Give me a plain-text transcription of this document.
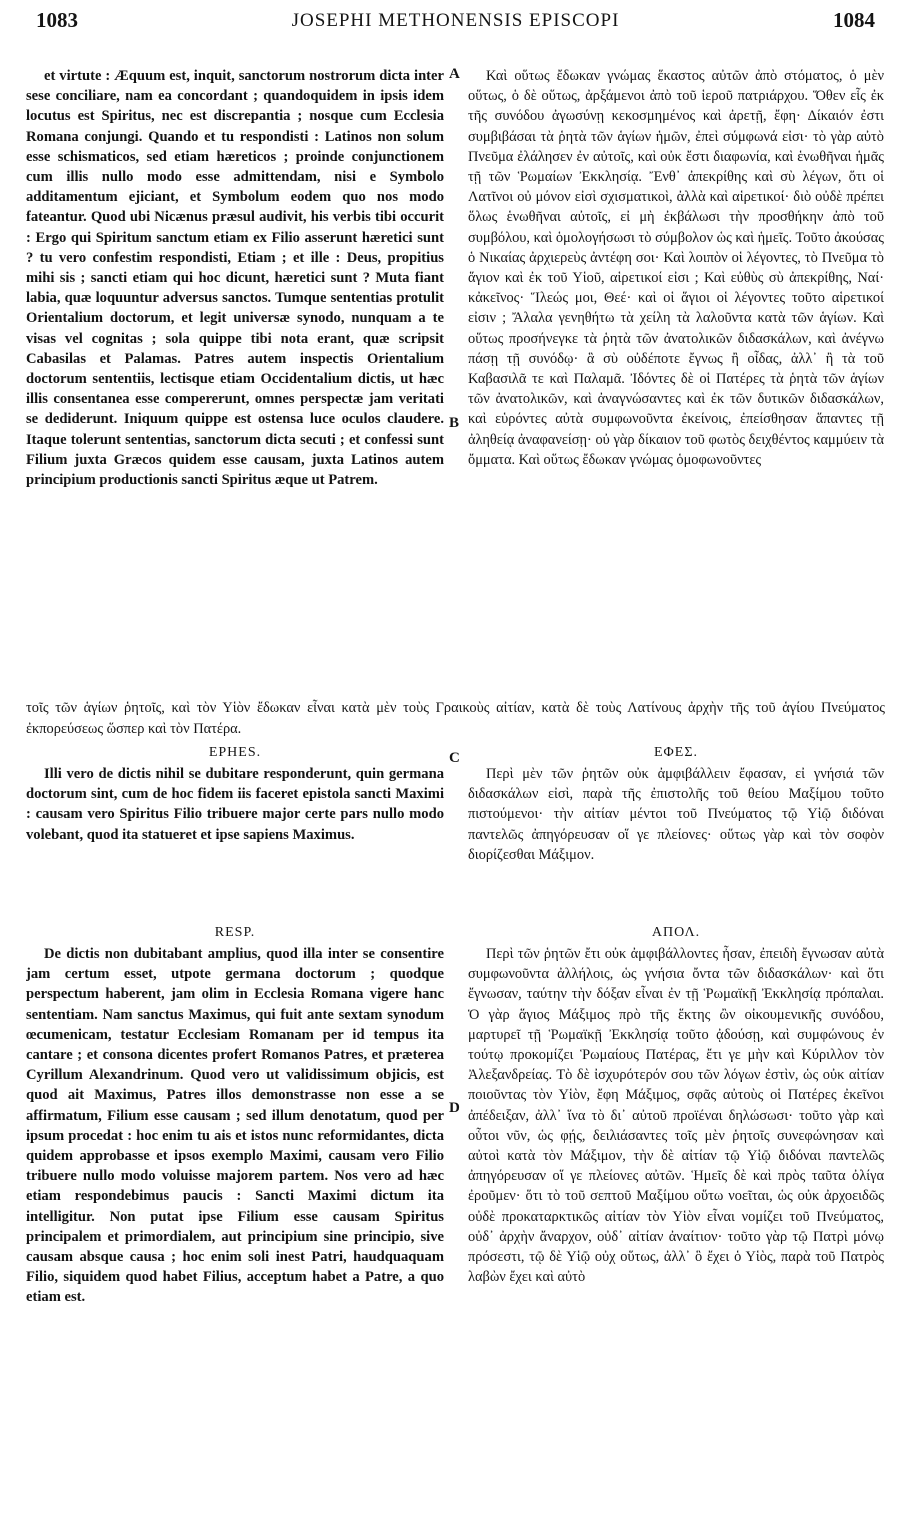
1083	JOSEPHI METHONENSIS EPISCOPI	1084
A
B
C
D

et virtute : Æquum est, inquit, sanctorum nostrorum dicta inter sese conciliare, nam ea concordant ; quandoquidem in ipsis idem locutus est Spiritus, nec est discrepantia ; nosque cum Ecclesia Romana conjungi. Quando et tu respondisti : Latinos non solum esse schismaticos, sed etiam hæreticos ; proinde conjunctionem cum illis nullo modo esse admittendam, nisi e Symbolo additamentum ejiciant, et Symbolum eodem quo nos modo fateantur. Quod ubi Nicænus præsul audivit, his verbis tibi occurit : Ergo qui Spiritum sanctum etiam ex Filio asserunt hæretici sunt ? tu vero confestim respondisti, Etiam ; et ille : Deus, propitius mihi sis ; sancti etiam qui hoc dicunt, hæretici sunt ? Muta fiant labia, quæ loquuntur adversus sanctos. Tumque sententias protulit Orientalium doctorum, et legit universæ synodo, nunquam a te visas vel cognitas ; sola quippe tibi nota erant, quæ scripsit Cabasilas et Palamas. Patres autem inspectis Orientalium doctorum sententiis, lectisque etiam Occidentalium dictis, ut hæc illis consentanea esse compererunt, omnes perspectæ jam veritati se dediderunt. Iniquum quippe est ostensa luce oculos claudere. Itaque tolerunt sententias, sanctorum dicta secuti ; et confessi sunt Filium juxta Græcos quidem esse causam, juxta Latinos autem principium productionis sancti Spiritus æque ut Patrem.

Καὶ οὕτως ἔδωκαν γνώμας ἕκαστος αὐτῶν ἀπὸ στόματος, ὁ μὲν οὕτως, ὁ δὲ οὕτως, ἀρξάμενοι ἀπὸ τοῦ ἱεροῦ πατριάρχου. Ὅθεν εἷς ἐκ τῆς συνόδου ἀγωσύνῃ κεκοσμημένος καὶ ἀρετῇ, ἔφη· Δίκαιόν ἐστι συμβιβάσαι τὰ ῥητὰ τῶν ἁγίων ἡμῶν, ἐπεὶ σύμφωνά εἰσι· τὸ γὰρ αὐτὸ Πνεῦμα ἐλάλησεν ἐν αὐτοῖς, καὶ οὐκ ἔστι διαφωνία, καὶ ἑνωθῆναι ἡμᾶς τῇ τῶν Ῥωμαίων Ἐκκλησίᾳ. Ἔνθ᾽ ἀπεκρίθης καὶ σὺ λέγων, ὅτι οἱ Λατῖνοι οὐ μόνον εἰσὶ σχισματικοὶ, ἀλλὰ καὶ αἱρετικοί· διὸ οὐδὲ πρέπει ὅλως ἑνωθῆναι αὐτοῖς, εἰ μὴ ἐκβάλωσι τὴν προσθήκην ἀπὸ τοῦ συμβόλου, καὶ ὁμολογήσωσι τὸ σύμβολον ὡς καὶ ἡμεῖς. Τοῦτο ἀκούσας ὁ Νικαίας ἀρχιερεὺς ἀντέφη σοι· Καὶ λοιπὸν οἱ λέγοντες, τὸ Πνεῦμα τὸ ἅγιον καὶ ἐκ τοῦ Υἱοῦ, αἱρετικοί εἰσι ; Καὶ εὐθὺς σὺ ἀπεκρίθης, Ναί· κἀκεῖνος· Ἵλεώς μοι, Θεέ· καὶ οἱ ἅγιοι οἱ λέγοντες τοῦτο αἱρετικοί εἰσιν ; Ἄλαλα γενηθήτω τὰ χείλη τὰ λαλοῦντα κατὰ τῶν ἁγίων. Καὶ οὕτως προσήνεγκε τὰ ῥητὰ τῶν ἀνατολικῶν διδασκάλων, καὶ ἀνέγνω πάσῃ τῇ συνόδῳ· ἃ σὺ οὐδέποτε ἔγνως ἢ οἶδας, ἀλλ᾽ ἢ τὰ τοῦ Καβασιλᾶ τε καὶ Παλαμᾶ. Ἰδόντες δὲ οἱ Πατέρες τὰ ῥητὰ τῶν ἁγίων τῶν ἀνατολικῶν, καὶ ἀναγνώσαντες καὶ ἐκ τῶν δυτικῶν διδασκάλων, καὶ εὑρόντες αὐτὰ συμφωνοῦντα ἐκείνοις, ἐπείσθησαν ἅπαντες τῇ ἀληθείᾳ ἀναφανείσῃ· οὐ γὰρ δίκαιον τοῦ φωτὸς δειχθέντος καμμύειν τὰ ὄμματα. Καὶ οὕτως ἔδωκαν γνώμας ὁμοφωνοῦντες

τοῖς τῶν ἁγίων ῥητοῖς, καὶ τὸν Υἱὸν ἔδωκαν εἶναι κατὰ μὲν τοὺς Γραικοὺς αἰτίαν, κατὰ δὲ τοὺς Λατίνους ἀρχὴν τῆς τοῦ ἁγίου Πνεύματος ἐκπορεύσεως ὥσπερ καὶ τὸν Πατέρα.

EPHES.

Illi vero de dictis nihil se dubitare responderunt, quin germana doctorum sint, cum de hoc fidem iis faceret epistola sancti Maximi : causam vero Spiritus Filio tribuere major certe pars nullo modo volebant, quod ita statueret et ipse sapiens Maximus.

ΕΦΕΣ.

Περὶ μὲν τῶν ῥητῶν οὐκ ἀμφιβάλλειν ἔφασαν, εἰ γνήσιά τῶν διδασκάλων εἰσὶ, παρὰ τῆς ἐπιστολῆς τοῦ θείου Μαξίμου τοῦτο πιστούμενοι· τὴν αἰτίαν μέντοι τοῦ Πνεύματος τῷ Υἱῷ διδόναι παντελῶς ἀπηγόρευσαν οἵ γε πλείονες· οὕτως γὰρ καὶ τὸν σοφὸν διορίζεσθαι Μάξιμον.

RESP.

De dictis non dubitabant amplius, quod illa inter se consentire jam certum esset, utpote germana doctorum ; quodque perspectum haberent, jam olim in Ecclesia Romana vigere hanc sententiam. Nam sanctus Maximus, qui fuit ante sextam synodum œcumenicam, testatur Ecclesiam Romanam per id tempus ita cantare ; et consona dicentes profert Romanos Patres, et præterea Cyrillum Alexandrinum. Quod vero ut validissimum objicis, est quod ait Maximus, Patres illos demonstrasse non esse a se affirmatum, Filium esse causam ; sed illum denotatum, quod per ipsum procedat : hoc enim tu ais et istos nunc reformidantes, dicta quidem approbasse et ipsos exemplo Maximi, causam vero Filio tribuere nullo modo voluisse majorem partem. Nos vero ad hæc etiam respondebimus paucis : Sancti Maximi dictum ita intelligitur. Non putat ipse Filium esse causam Spiritus principalem et primordialem, aut principium sine principio, sive causam absque causa ; hoc enim soli inest Patri, haudquaquam Filio, siquidem quod habet Filius, acceptum habet a Patre, a quo etiam est.

ΑΠΟΛ.

Περὶ τῶν ῥητῶν ἔτι οὐκ ἀμφιβάλλοντες ἦσαν, ἐπειδὴ ἔγνωσαν αὐτὰ συμφωνοῦντα ἀλλήλοις, ὡς γνήσια ὄντα τῶν διδασκάλων· καὶ ὅτι ἔγνωσαν, ταύτην τὴν δόξαν εἶναι ἐν τῇ Ῥωμαϊκῇ Ἐκκλησίᾳ πρόπαλαι. Ὁ γὰρ ἅγιος Μάξιμος πρὸ τῆς ἕκτης ὢν οἰκουμενικῆς συνόδου, μαρτυρεῖ τῇ Ῥωμαϊκῇ Ἐκκλησίᾳ τοῦτο ᾀδούσῃ, καὶ συμφώνους ἐν τούτῳ προκομίζει Ῥωμαίους Πατέρας, ἔτι γε μὴν καὶ Κύριλλον τὸν Ἀλεξανδρείας. Τὸ δὲ ἰσχυρότερόν σου τῶν λόγων ἐστὶν, ὡς οὐκ αἰτίαν ποιοῦντας τὸν Υἱὸν, ἔφη Μάξιμος, σφᾶς αὐτοὺς οἱ Πατέρες ἐκεῖνοι ἀπέδειξαν, ἀλλ᾽ ἵνα τὸ δι᾽ αὐτοῦ προϊέναι δηλώσωσι· τοῦτο γὰρ καὶ οὗτοι νῦν, ὡς φῄς, δειλιάσαντες τοῖς μὲν ῥητοῖς συνεφώνησαν καὶ αὐτοὶ κατὰ τὸν Μάξιμον, τὴν δὲ αἰτίαν τῷ Υἱῷ διδόναι παντελῶς ἀπηγόρευσαν οἵ γε πλείονες αὐτῶν. Ἡμεῖς δὲ καὶ πρὸς ταῦτα ὀλίγα ἐροῦμεν· ὅτι τὸ τοῦ σεπτοῦ Μαξίμου οὕτω νοεῖται, ὡς οὐκ ἀρχοειδῶς οὐδὲ προκαταρκτικῶς αἰτίαν τὸν Υἱὸν εἶναι νομίζει τοῦ Πνεύματος, οὐδ᾽ ἀρχὴν ἄναρχον, οὐδ᾽ αἰτίαν ἀναίτιον· τοῦτο γὰρ τῷ Πατρὶ μόνῳ πρόσεστι, τῷ δὲ Υἱῷ οὐχ οὕτως, ἀλλ᾽ ὃ ἔχει ὁ Υἱὸς, παρὰ τοῦ Πατρὸς λαβὼν ἔχει καὶ αὐτὸ
